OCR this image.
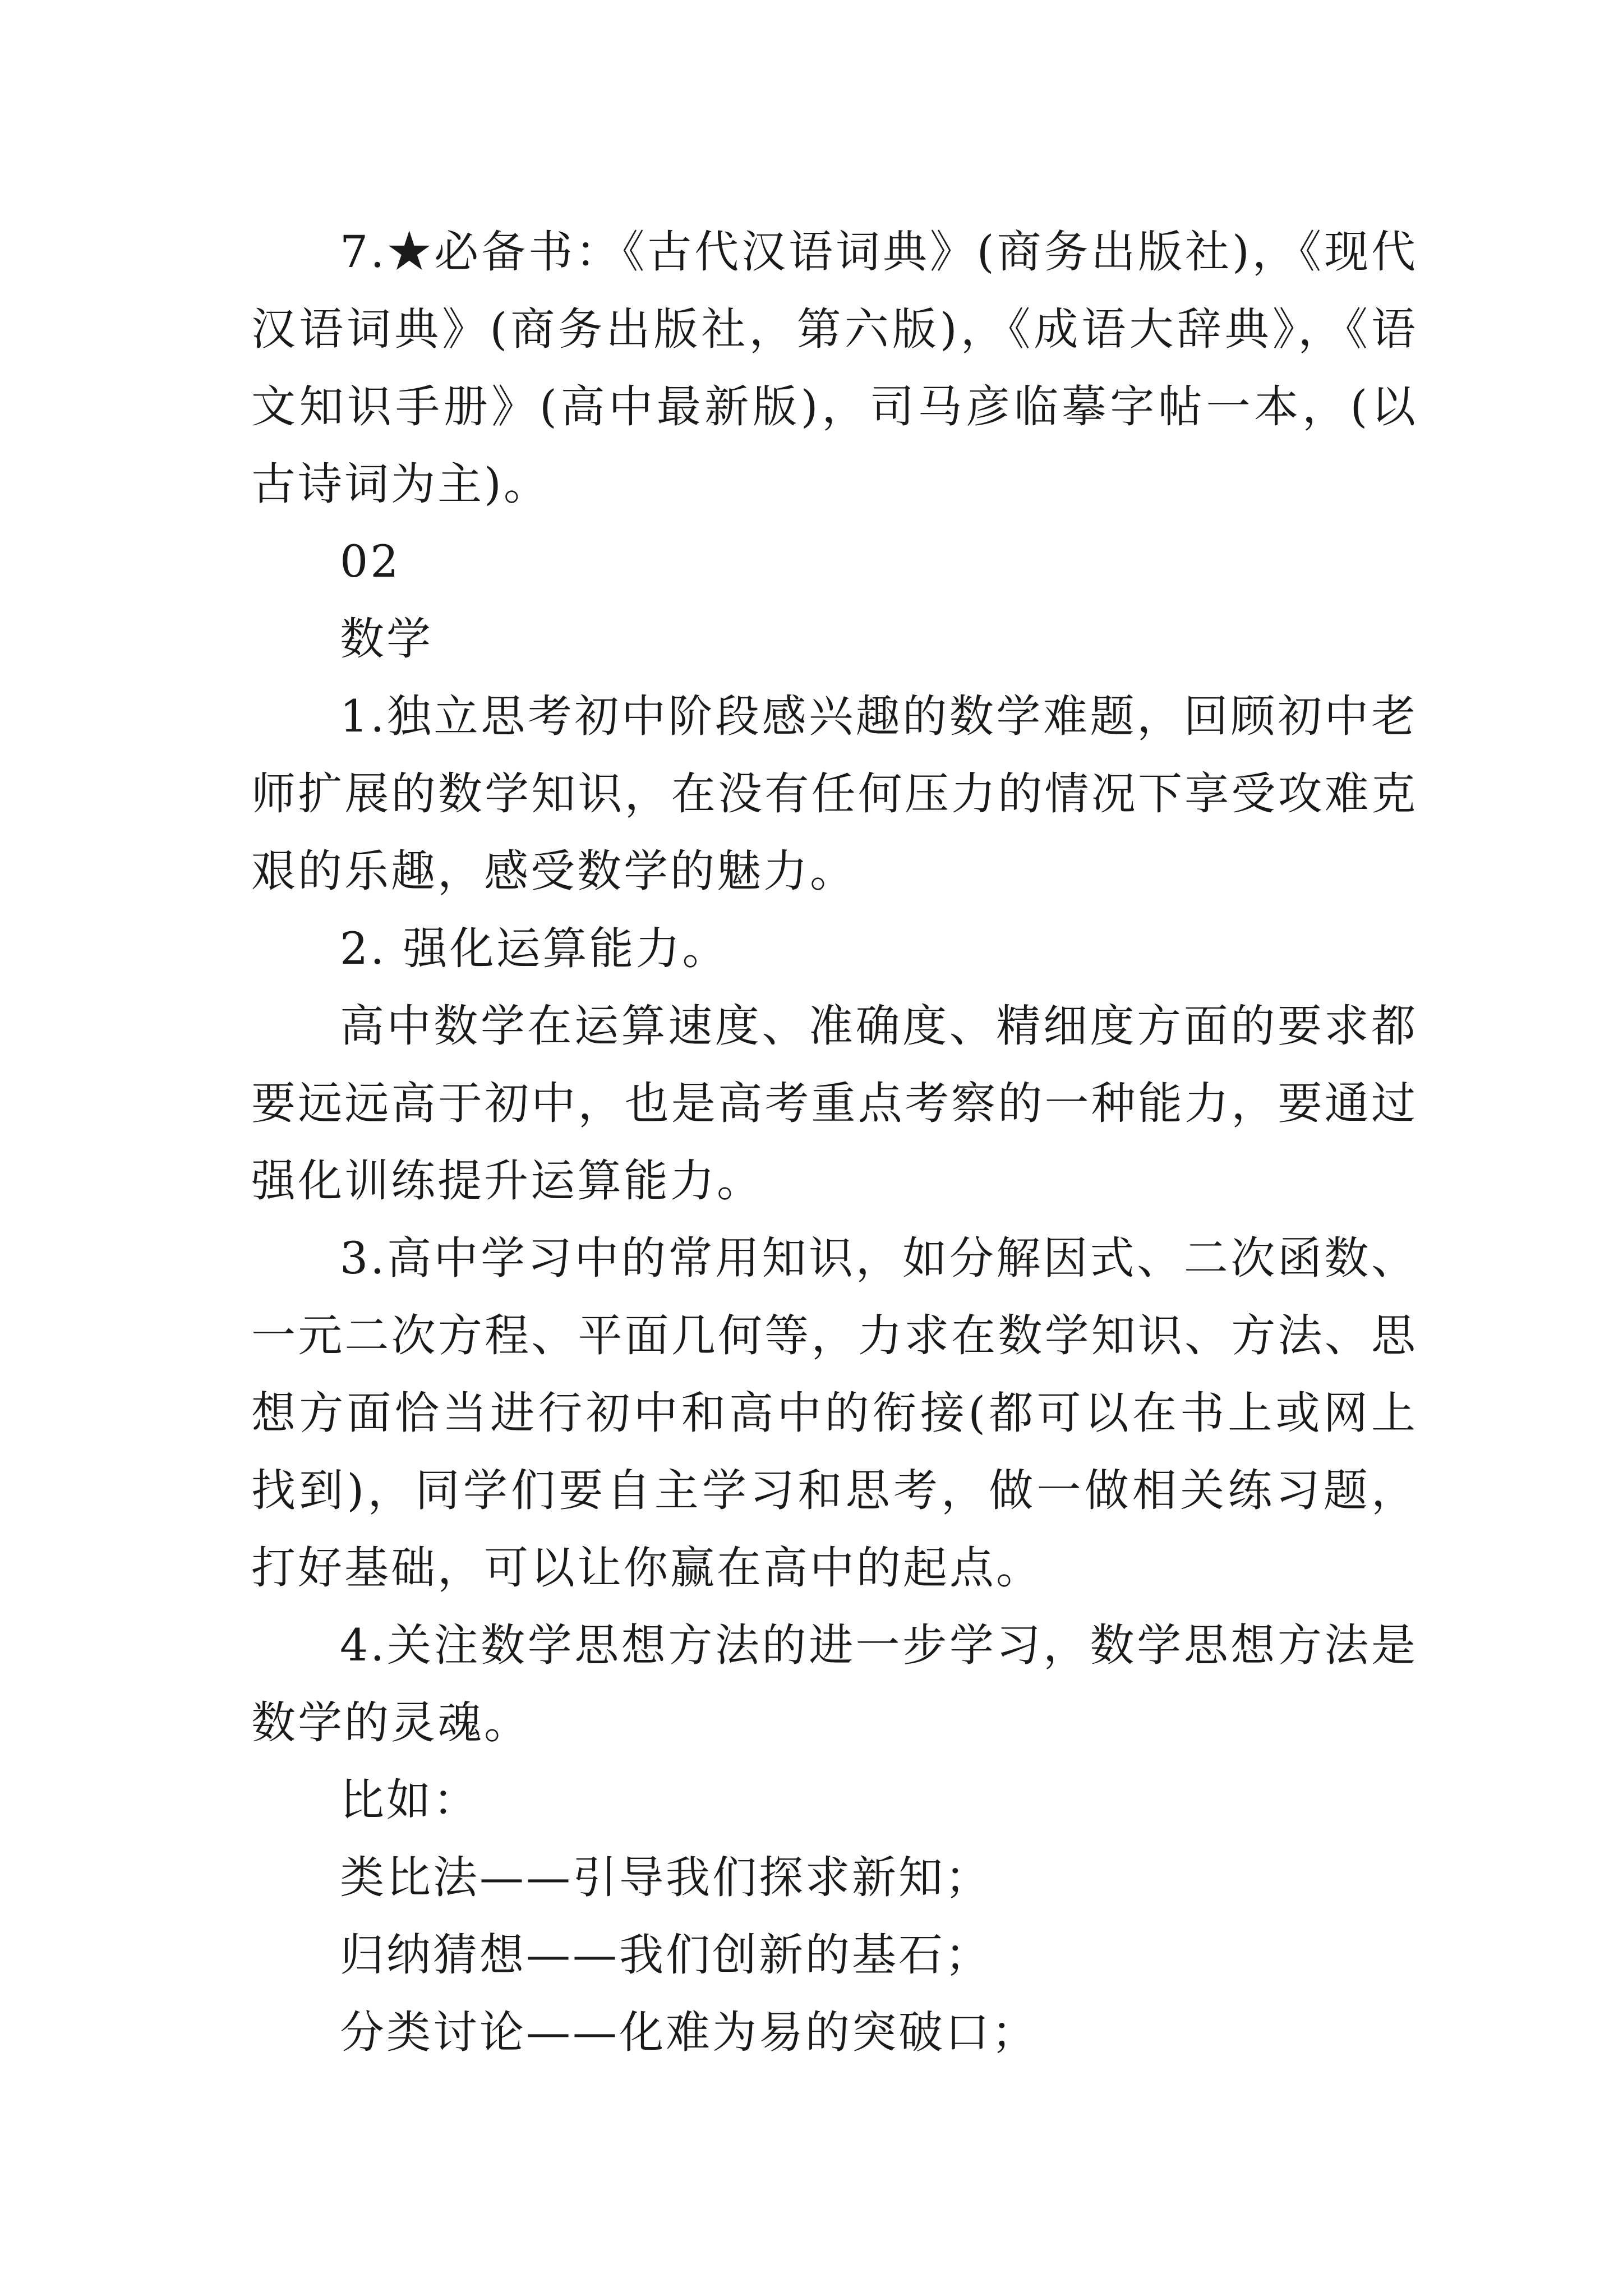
7.★必备书：《古代汉语词典》(商务出版社)，《现代汉语词典》(商务出版社，第六版)，《成语大辞典》，《语文知识手册》(高中最新版)，司马彦临摹字帖一本，(以古诗词为主)。

02

数学

1.独立思考初中阶段感兴趣的数学难题，回顾初中老师扩展的数学知识，在没有任何压力的情况下享受攻难克艰的乐趣，感受数学的魅力。

2. 强化运算能力。

高中数学在运算速度、准确度、精细度方面的要求都要远远高于初中，也是高考重点考察的一种能力，要通过强化训练提升运算能力。

3.高中学习中的常用知识，如分解因式、二次函数、一元二次方程、平面几何等，力求在数学知识、方法、思想方面恰当进行初中和高中的衔接(都可以在书上或网上找到)，同学们要自主学习和思考，做一做相关练习题，打好基础，可以让你赢在高中的起点。

4.关注数学思想方法的进一步学习，数学思想方法是数学的灵魂。

比如：

类比法——引导我们探求新知；

归纳猜想——我们创新的基石；

分类讨论——化难为易的突破口；
